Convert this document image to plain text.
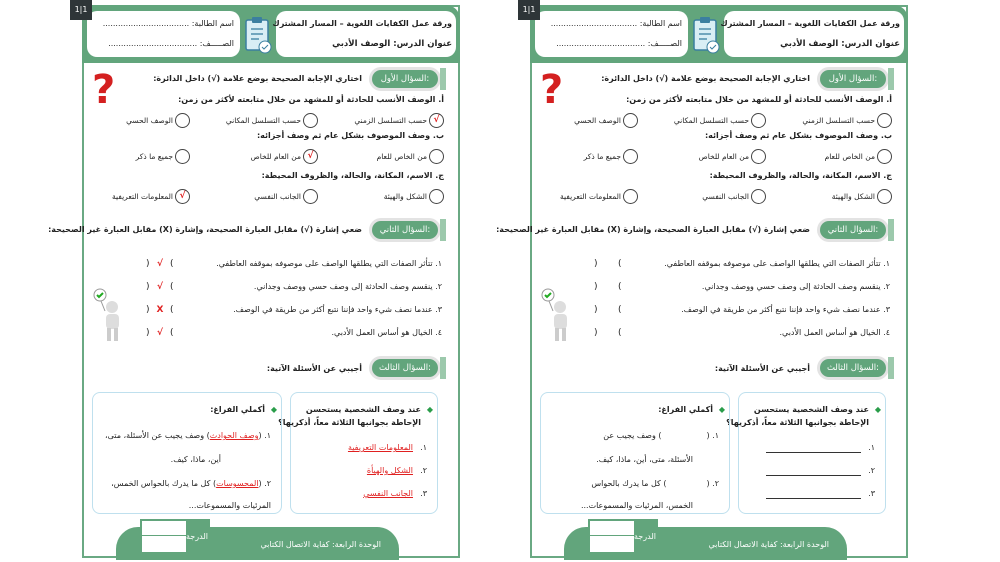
ورقة عمل الكفايات اللغوية – المسار المشترك
عنوان الدرس: الوصف الأدبي
اسم الطالبة: ..................................
الصـــــف: ...................................
السؤال الأول:
اختاري الإجابة الصحيحة بوضع علامة (√) داخل الدائرة:
?	أ. الوصف الأنسب للحادثة أو للمشهد من خلال متابعته لأكثر من زمن:
√
حسب التسلسل الزمني
حسب التسلسل المكاني
الوصف الحسي
ب. وصف الموصوف بشكل عام ثم وصف أجزائه:
من الخاص للعام
√
من العام للخاص
جميع ما ذكر
ج. الاسم، المكانة، والحالة، والظروف المحيطة:
الشكل والهيئة
الجانب النفسي
√
المعلومات التعريفية
السؤال الثاني:
ضعي إشارة (√) مقابل العبارة الصحيحة، وإشارة (X) مقابل العبارة غير الصحيحة:
١. تتأثر الصفات التي يطلقها الواصف على موصوفه بموقفه العاطفي.
( )
√
٢. ينقسم وصف الحادثة إلى وصف حسي ووصف وجداني.
( )
√
٣. عندما نصف شيء واحد فإننا نتبع أكثر من طريقة في الوصف.
( )
X
٤. الخيال هو أساس العمل الأدبي.
( )
√
السؤال الثالث:
أجيبي عن الأسئلة الآتية:
◆
عند وصف الشخصية يستحسن
الإحاطة بجوانبها الثلاثة معاً، أذكريها؟
١.
المعلومات التعريفية
٢.
الشكل والهيأة
٣.
الجانب النفسي
◆
أكملي الفراغ:
١. (وصف الحوادث) وصف يجيب عن الأسئلة، متى،
أين، ماذا، كيف.
٢. (المحسوسات) كل ما يدرك بالحواس الخمس،
المرئيات والمسموعات...
الوحدة الرابعة: كفاية الاتصال الكتابي
الدرجة
1|1
ورقة عمل الكفايات اللغوية – المسار المشترك
عنوان الدرس: الوصف الأدبي
اسم الطالبة: ..................................
الصـــــف: ...................................
السؤال الأول:
اختاري الإجابة الصحيحة بوضع علامة (√) داخل الدائرة:
?	أ. الوصف الأنسب للحادثة أو للمشهد من خلال متابعته لأكثر من زمن:
حسب التسلسل الزمني
حسب التسلسل المكاني
الوصف الحسي
ب. وصف الموصوف بشكل عام ثم وصف أجزائه:
من الخاص للعام
من العام للخاص
جميع ما ذكر
ج. الاسم، المكانة، والحالة، والظروف المحيطة:
الشكل والهيئة
الجانب النفسي
المعلومات التعريفية
السؤال الثاني:
ضعي إشارة (√) مقابل العبارة الصحيحة، وإشارة (X) مقابل العبارة غير الصحيحة:
١. تتأثر الصفات التي يطلقها الواصف على موصوفه بموقفه العاطفي.
( )
٢. ينقسم وصف الحادثة إلى وصف حسي ووصف وجداني.
( )
٣. عندما نصف شيء واحد فإننا نتبع أكثر من طريقة في الوصف.
( )
٤. الخيال هو أساس العمل الأدبي.
( )
السؤال الثالث:
أجيبي عن الأسئلة الآتية:
◆
عند وصف الشخصية يستحسن
الإحاطة بجوانبها الثلاثة معاً، أذكريها؟
١.
٢.
٣.
◆
أكملي الفراغ:
١. () وصف يجيب عن
الأسئلة، متى، أين، ماذا، كيف.
٢. () كل ما يدرك بالحواس
الخمس، المرئيات والمسموعات...
الوحدة الرابعة: كفاية الاتصال الكتابي
الدرجة
1|1
